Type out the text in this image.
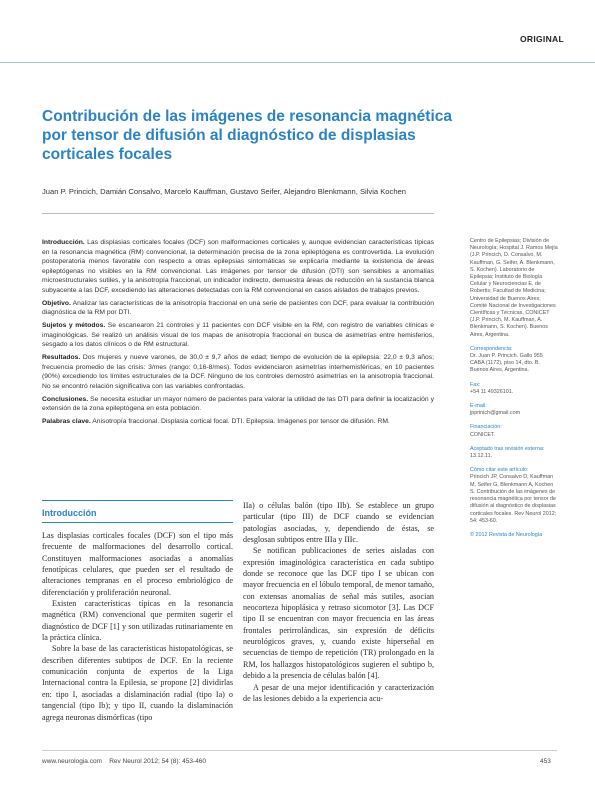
ORIGINAL
Contribución de las imágenes de resonancia magnética por tensor de difusión al diagnóstico de displasias corticales focales
Juan P. Princich, Damián Consalvo, Marcelo Kauffman, Gustavo Seifer, Alejandro Blenkmann, Silvia Kochen

Introducción. Las displasias corticales focales (DCF) son malformaciones corticales y, aunque evidencian características típicas en la resonancia magnética (RM) convencional, la determinación precisa de la zona epileptógena es controvertida. La evolución postoperatoria menos favorable con respecto a otras epilepsias sintomáticas se explicaría mediante la existencia de áreas epileptógenas no visibles en la RM convencional. Las imágenes por tensor de difusión (DTI) son sensibles a anomalías microestructurales sutiles, y la anisotropía fraccional, un indicador indirecto, demuestra áreas de reducción en la sustancia blanca subyacente a las DCF, excediendo las alteraciones detectadas con la RM convencional en casos aislados de trabajos previos.

Objetivo. Analizar las características de la anisotropía fraccional en una serie de pacientes con DCF, para evaluar la contribución diagnóstica de la RM por DTI.

Sujetos y métodos. Se escanearon 21 controles y 11 pacientes con DCF visible en la RM, con registro de variables clínicas e imaginológicas. Se realizó un análisis visual de los mapas de anisotropía fraccional en busca de asimetrías entre hemisferios, sesgado a los datos clínicos o de RM estructural.

Resultados. Dos mujeres y nueve varones, de 30,0 ± 9,7 años de edad; tiempo de evolución de la epilepsia: 22,0 ± 9,3 años; frecuencia promedio de las crisis: 3/mes (rango: 0,16-8/mes). Todos evidenciaron asimetrías interhemisféricas, en 10 pacientes (90%) excediendo los límites estructurales de la DCF. Ninguno de los controles demostró asimetrías en la anisotropía fraccional. No se encontró relación significativa con las variables confrontadas.

Conclusiones. Se necesita estudiar un mayor número de pacientes para valorar la utilidad de las DTI para definir la localización y extensión de la zona epileptógena en esta población.

Palabras clave. Anisotropía fraccional. Displasia cortical focal. DTI. Epilepsia. Imágenes por tensor de difusión. RM.

Centro de Epilepsias; División de Neurología; Hospital J. Ramos Mejía (J.P. Princich, D. Consalvo, M. Kauffman, G. Seifer, A. Blenkmann, S. Kochen). Laboratorio de Epilepsia; Instituto de Biología Celular y Neurociencias E. de Robertis; Facultad de Medicina; Universidad de Buenos Aires; Comité Nacional de Investigaciones Científicas y Técnicas, CONICET (J.P. Princich, M. Kauffman, A. Blenkmann, S. Kochen). Buenos Aires, Argentina.
Correspondencia:
Dr. Juan P. Princich. Gallo 955 CABA (1172), piso 14, dto. B. Buenos Aires, Argentina.
Fax:
+54 11 49326101.
E-mail:
jpprinich@gmail.com
Financiación:
CONICET.
Aceptado tras revisión externa:
13.12.11.
Cómo citar este artículo:
Princich JP, Consalvo D, Kauffman M, Seifer G, Blenkmann A, Kochen S. Contribución de las imágenes de resonancia magnética por tensor de difusión al diagnóstico de displasias corticales focales. Rev Neurol 2012; 54: 453-60.
© 2012 Revista de Neurología
Introducción

Las displasias corticales focales (DCF) son el tipo más frecuente de malformaciones del desarrollo cortical. Constituyen malformaciones asociadas a anomalías fenotípicas celulares, que pueden ser el resultado de alteraciones tempranas en el proceso embriológico de diferenciación y proliferación neuronal.

Existen características típicas en la resonancia magnética (RM) convencional que permiten sugerir el diagnóstico de DCF [1] y son utilizadas rutinariamente en la práctica clínica.

Sobre la base de las características histopatológicas, se describen diferentes subtipos de DCF. En la reciente comunicación conjunta de expertos de la Liga Internacional contra la Epilesia, se propone [2] dividirlas en: tipo I, asociadas a dislaminación radial (tipo Ia) o tangencial (tipo Ib); y tipo II, cuando la dislaminación agrega neuronas dismórficas (tipo

IIa) o células balón (tipo IIb). Se establece un grupo particular (tipo III) de DCF cuando se evidencian patologías asociadas, y, dependiendo de éstas, se desglosan subtipos entre IIIa y IIIc.

Se notifican publicaciones de series aisladas con expresión imaginológica característica en cada subtipo donde se reconoce que las DCF tipo I se ubican con mayor frecuencia en el lóbulo temporal, de menor tamaño, con extensas anomalías de señal más sutiles, asocian neocorteza hipoplásica y retraso sicomotor [3]. Las DCF tipo II se encuentran con mayor frecuencia en las áreas frontales perirrolándicas, sin expresión de déficits neurológicos graves, y, cuando existe hiperseñal en secuencias de tiempo de repetición (TR) prolongado en la RM, los hallazgos histopatológicos sugieren el subtipo b, debido a la presencia de células balón [4].

A pesar de una mejor identificación y caracterización de las lesiones debido a la experiencia acu-

www.neurologia.com    Rev Neurol 2012; 54 (8): 453-460	453
